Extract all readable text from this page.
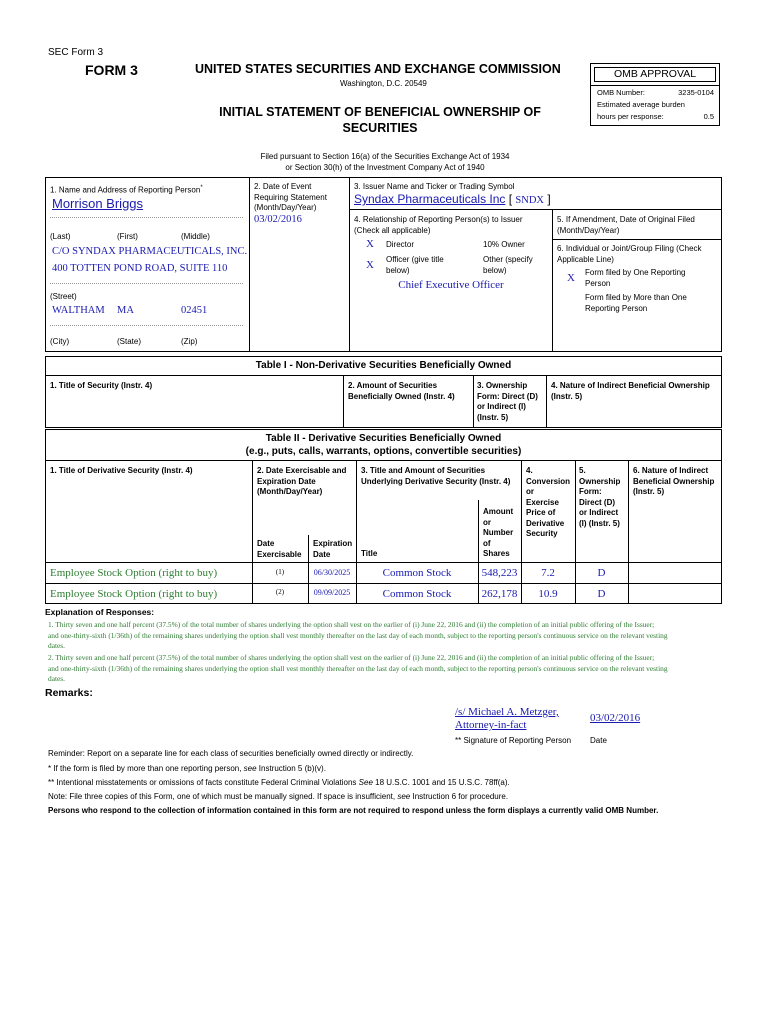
SEC Form 3
FORM 3	UNITED STATES SECURITIES AND EXCHANGE COMMISSION
Washington, D.C. 20549
INITIAL STATEMENT OF BENEFICIAL OWNERSHIP OF
SECURITIES
Filed pursuant to Section 16(a) of the Securities Exchange Act of 1934
or Section 30(h) of the Investment Company Act of 1940
OMB APPROVAL
OMB Number:	3235-0104
Estimated average burden
hours per response:	0.5
1. Name and Address of Reporting Person*
Morrison Briggs
(Last)	(First)	(Middle)
C/O SYNDAX PHARMACEUTICALS, INC.
400 TOTTEN POND ROAD, SUITE 110
(Street)
WALTHAM MA	02451
(City)	(State)	(Zip)
2. Date of Event
Requiring Statement
(Month/Day/Year)
03/02/2016
3. Issuer Name and Ticker or Trading Symbol
Syndax Pharmaceuticals Inc [ SNDX ]
4. Relationship of Reporting Person(s) to Issuer
(Check all applicable)
X Director	10% Owner
X Officer (give title
below)
Other (specify
below)
Chief Executive Officer
5. If Amendment, Date of Original Filed
(Month/Day/Year)
6. Individual or Joint/Group Filing (Check
Applicable Line)
X Form filed by One Reporting
Person
Form filed by More than One
Reporting Person
Table I - Non-Derivative Securities Beneficially Owned
1. Title of Security (Instr. 4)	2. Amount of Securities
Beneficially Owned (Instr. 4)
3. Ownership
Form: Direct (D)
or Indirect (I)
(Instr. 5)
4. Nature of Indirect Beneficial Ownership
(Instr. 5)
Table II - Derivative Securities Beneficially Owned
(e.g., puts, calls, warrants, options, convertible securities)
1. Title of Derivative Security (Instr. 4)	2. Date Exercisable and
Expiration Date
(Month/Day/Year)
3. Title and Amount of Securities
Underlying Derivative Security (Instr. 4)
4.
Conversion
or
Exercise
Price of
Derivative
Security
5.
Ownership
Form:
Direct (D)
or Indirect
(I) (Instr. 5)
6. Nature of Indirect
Beneficial Ownership
(Instr. 5)
Date
Exercisable
Expiration
Date	Title
Amount
or
Number
of
Shares
Employee Stock Option (right to buy)	(1)	06/30/2025	Common Stock	548,223	7.2	D
Employee Stock Option (right to buy)	(2)	09/09/2025	Common Stock	262,178	10.9	D
Explanation of Responses:
1. Thirty seven and one half percent (37.5%) of the total number of shares underlying the option shall vest on the earlier of (i) June 22, 2016 and (ii) the completion of an initial public offering of the Issuer;
and one-thirty-sixth (1/36th) of the remaining shares underlying the option shall vest monthly thereafter on the last day of each month, subject to the reporting person's continuous service on the relevant vesting
dates.
2. Thirty seven and one half percent (37.5%) of the total number of shares underlying the option shall vest on the earlier of (i) June 22, 2016 and (ii) the completion of an initial public offering of the Issuer;
and one-thirty-sixth (1/36th) of the remaining shares underlying the option shall vest monthly thereafter on the last day of each month, subject to the reporting person's continuous service on the relevant vesting
dates.
Remarks:
/s/ Michael A. Metzger,
Attorney-in-fact
03/02/2016
** Signature of Reporting Person Date
Reminder: Report on a separate line for each class of securities beneficially owned directly or indirectly.
* If the form is filed by more than one reporting person, see Instruction 5 (b)(v).
** Intentional misstatements or omissions of facts constitute Federal Criminal Violations See 18 U.S.C. 1001 and 15 U.S.C. 78ff(a).
Note: File three copies of this Form, one of which must be manually signed. If space is insufficient, see Instruction 6 for procedure.
Persons who respond to the collection of information contained in this form are not required to respond unless the form displays a currently valid OMB Number.
